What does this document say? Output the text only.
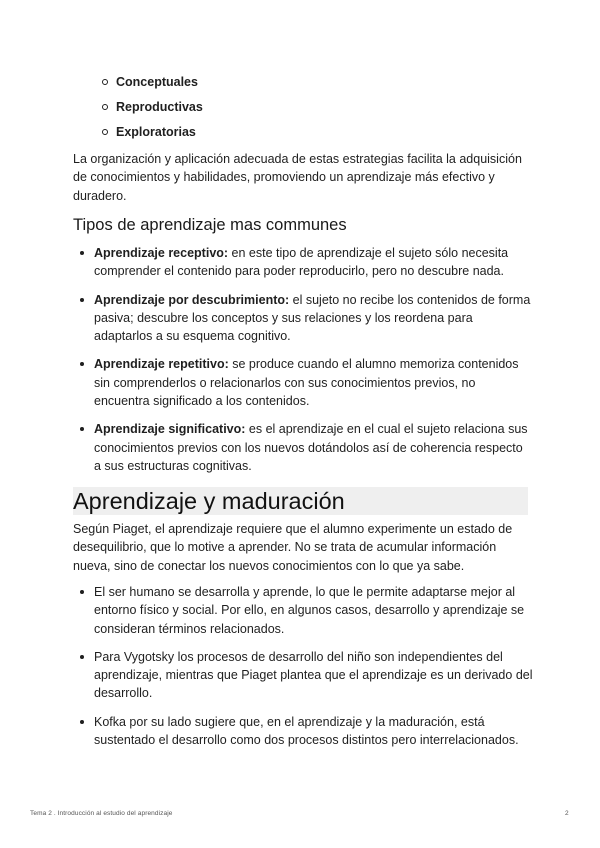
Conceptuales
Reproductivas
Exploratorias

La organización y aplicación adecuada de estas estrategias facilita la adquisición de conocimientos y habilidades, promoviendo un aprendizaje más efectivo y duradero.

Tipos de aprendizaje mas communes
Aprendizaje receptivo: en este tipo de aprendizaje el sujeto sólo necesita comprender el contenido para poder reproducirlo, pero no descubre nada.
Aprendizaje por descubrimiento: el sujeto no recibe los contenidos de forma pasiva; descubre los conceptos y sus relaciones y los reordena para adaptarlos a su esquema cognitivo.
Aprendizaje repetitivo: se produce cuando el alumno memoriza contenidos sin comprenderlos o relacionarlos con sus conocimientos previos, no encuentra significado a los contenidos.
Aprendizaje significativo: es el aprendizaje en el cual el sujeto relaciona sus conocimientos previos con los nuevos dotándolos así de coherencia respecto a sus estructuras cognitivas.
Aprendizaje y maduración

Según Piaget, el aprendizaje requiere que el alumno experimente un estado de desequilibrio, que lo motive a aprender. No se trata de acumular información nueva, sino de conectar los nuevos conocimientos con lo que ya sabe.

El ser humano se desarrolla y aprende, lo que le permite adaptarse mejor al entorno físico y social. Por ello, en algunos casos, desarrollo y aprendizaje se consideran términos relacionados.
Para Vygotsky los procesos de desarrollo del niño son independientes del aprendizaje, mientras que Piaget plantea que el aprendizaje es un derivado del desarrollo.
Kofka por su lado sugiere que, en el aprendizaje y la maduración, está sustentado el desarrollo como dos procesos distintos pero interrelacionados.
Tema 2 . Introducción al estudio del aprendizaje	2
